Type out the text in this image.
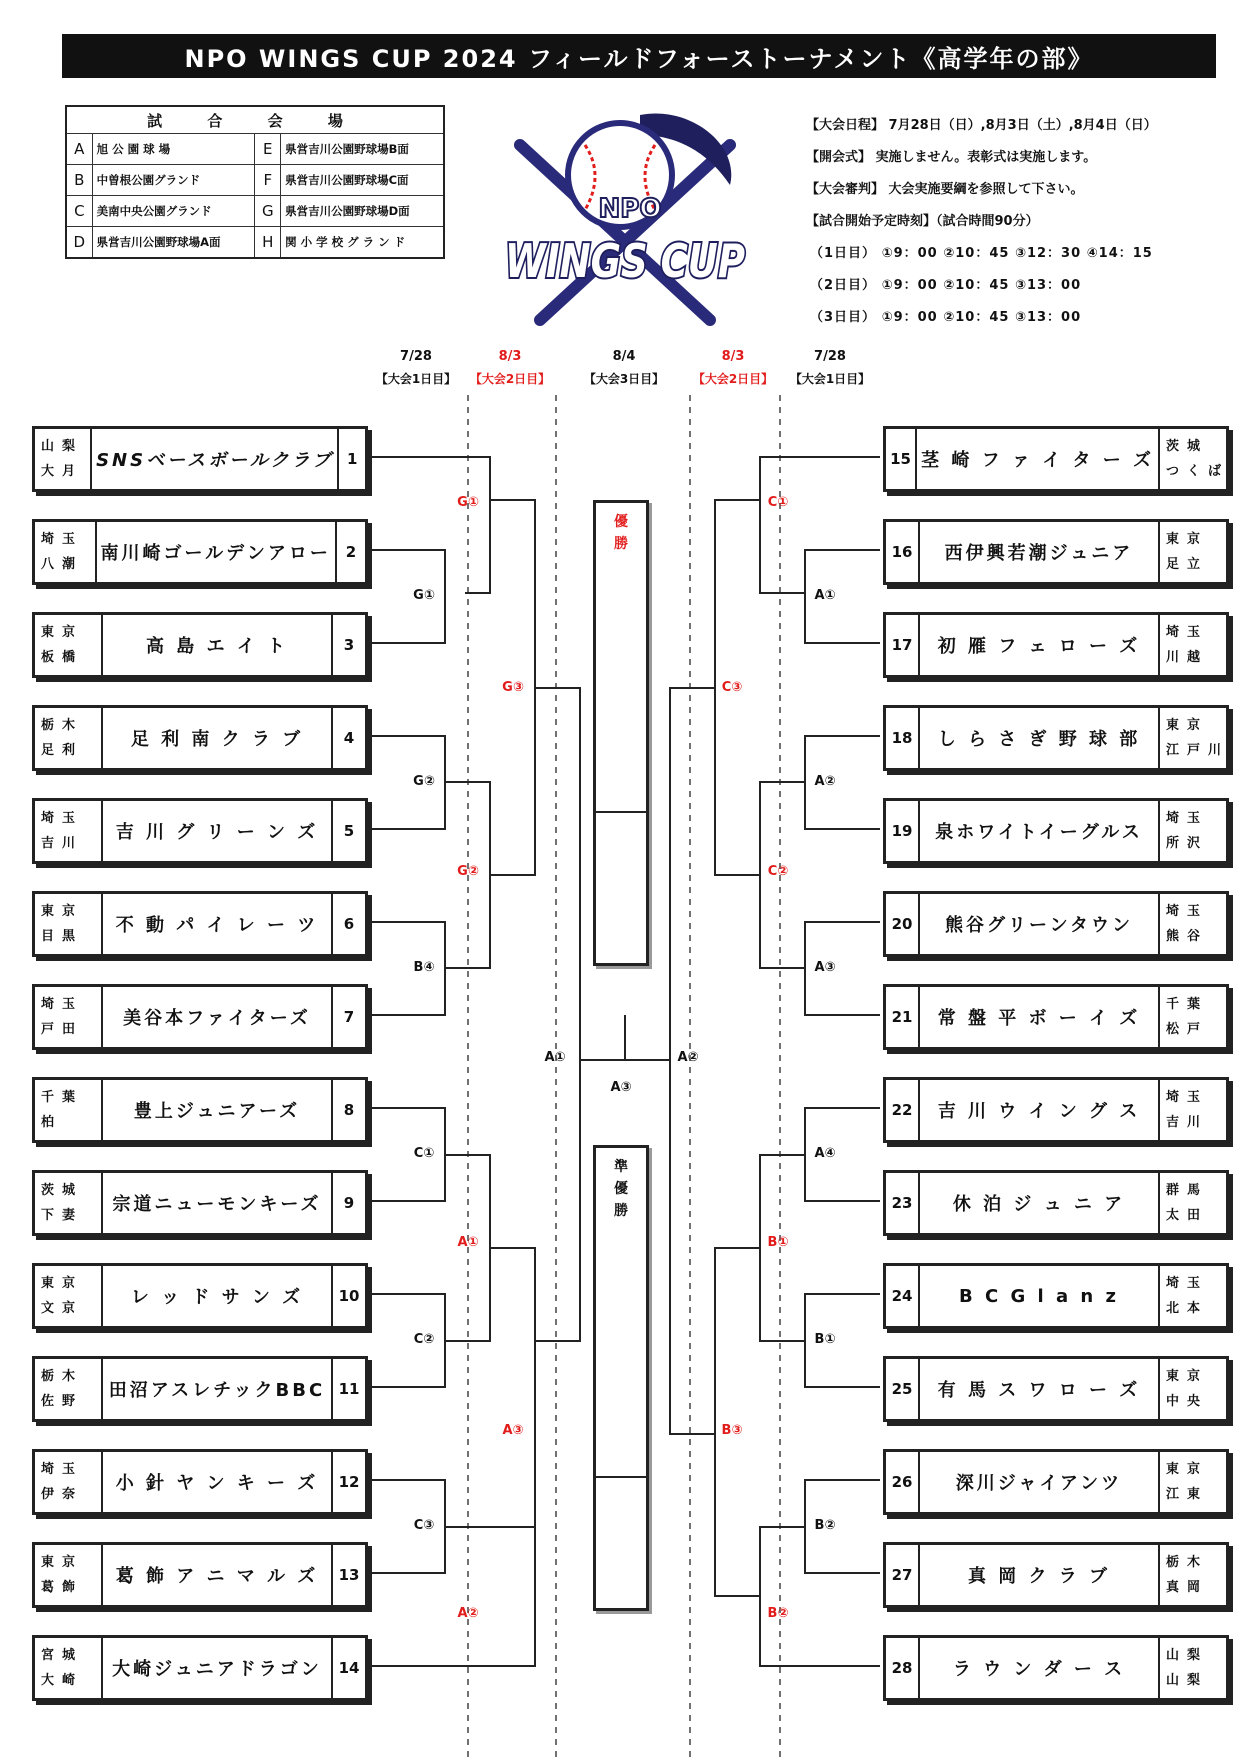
NPO WINGS CUP 2024 フィールドフォーストーナメント《高学年の部》
試 合 会 場			
A	旭 公 園 球 場	E	県営吉川公園野球場B面
B	中曽根公園グランド	F	県営吉川公園野球場C面
C	美南中央公園グランド	G	県営吉川公園野球場D面
D	県営吉川公園野球場A面	H	関 小 学 校 グ ラ ン ド
NPO
WINGS CUP
【大会日程】 7月28日（日）,8月3日（土）,8月4日（日）
【開会式】 実施しません。表彰式は実施します。
【大会審判】 大会実施要綱を参照して下さい。
【試合開始予定時刻】（試合時間90分）
（1日目） ①9：00 ②10：45 ③12：30 ④14：15
（2日目） ①9：00 ②10：45 ③13：00
（3日目） ①9：00 ②10：45 ③13：00
7/28
【大会1日目】
8/3
【大会2日目】
8/4
【大会3日目】
8/3
【大会2日目】
7/28
【大会1日目】
山梨
大月
SNSベースボールクラブ 1
埼玉
八潮
南川崎ゴールデンアロー 2
東京
板橋
高 島 エ イ ト	3
栃木
足利
足 利 南 ク ラ ブ	4
埼玉
吉川
吉 川 グ リ ー ン ズ	5
東京
目黒
不 動 パ イ レ ー ツ	6
埼玉
戸田
美谷本ファイターズ	7
千葉
柏
豊上ジュニアーズ	8
茨城
下妻
宗道ニューモンキーズ	9
東京
文京
レ ッ ド サ ン ズ	10
栃木
佐野
田沼アスレチックBBC 11
埼玉
伊奈
小 針 ヤ ン キ ー ズ	12
東京
葛飾
葛 飾 ア ニ マ ル ズ	13
宮城
大崎
大崎ジュニアドラゴン	14
15 茎 崎 フ ァ イ タ ー ズ
茨城
つくば
16	西伊興若潮ジュニア
東京
足立
17	初 雁 フ ェ ロ ー ズ
埼玉
川越
18	し ら さ ぎ 野 球 部
東京
江戸川
19	泉ホワイトイーグルス
埼玉
所沢
20	熊谷グリーンタウン
埼玉
熊谷
21	常 盤 平 ボ ー イ ズ
千葉
松戸
22	吉 川 ウ イ ン グ ス
埼玉
吉川
23	休 泊 ジ ュ ニ ア
群馬
太田
24	B C G l a n z
埼玉
北本
25	有 馬 ス ワ ロ ー ズ
東京
中央
26	深川ジャイアンツ
東京
江東
27	真 岡 ク ラ ブ
栃木
真岡
28	ラ ウ ン ダ ー ス
山梨
山梨
G①
G①
G③
G②
G②
B④
C①
A①
C②
A③
C③
A②
A①	A②
A③
C①
A①
C③
A②
C②
A③
A④
B①
B①
B③
B②
B②
優
勝
準
優
勝
